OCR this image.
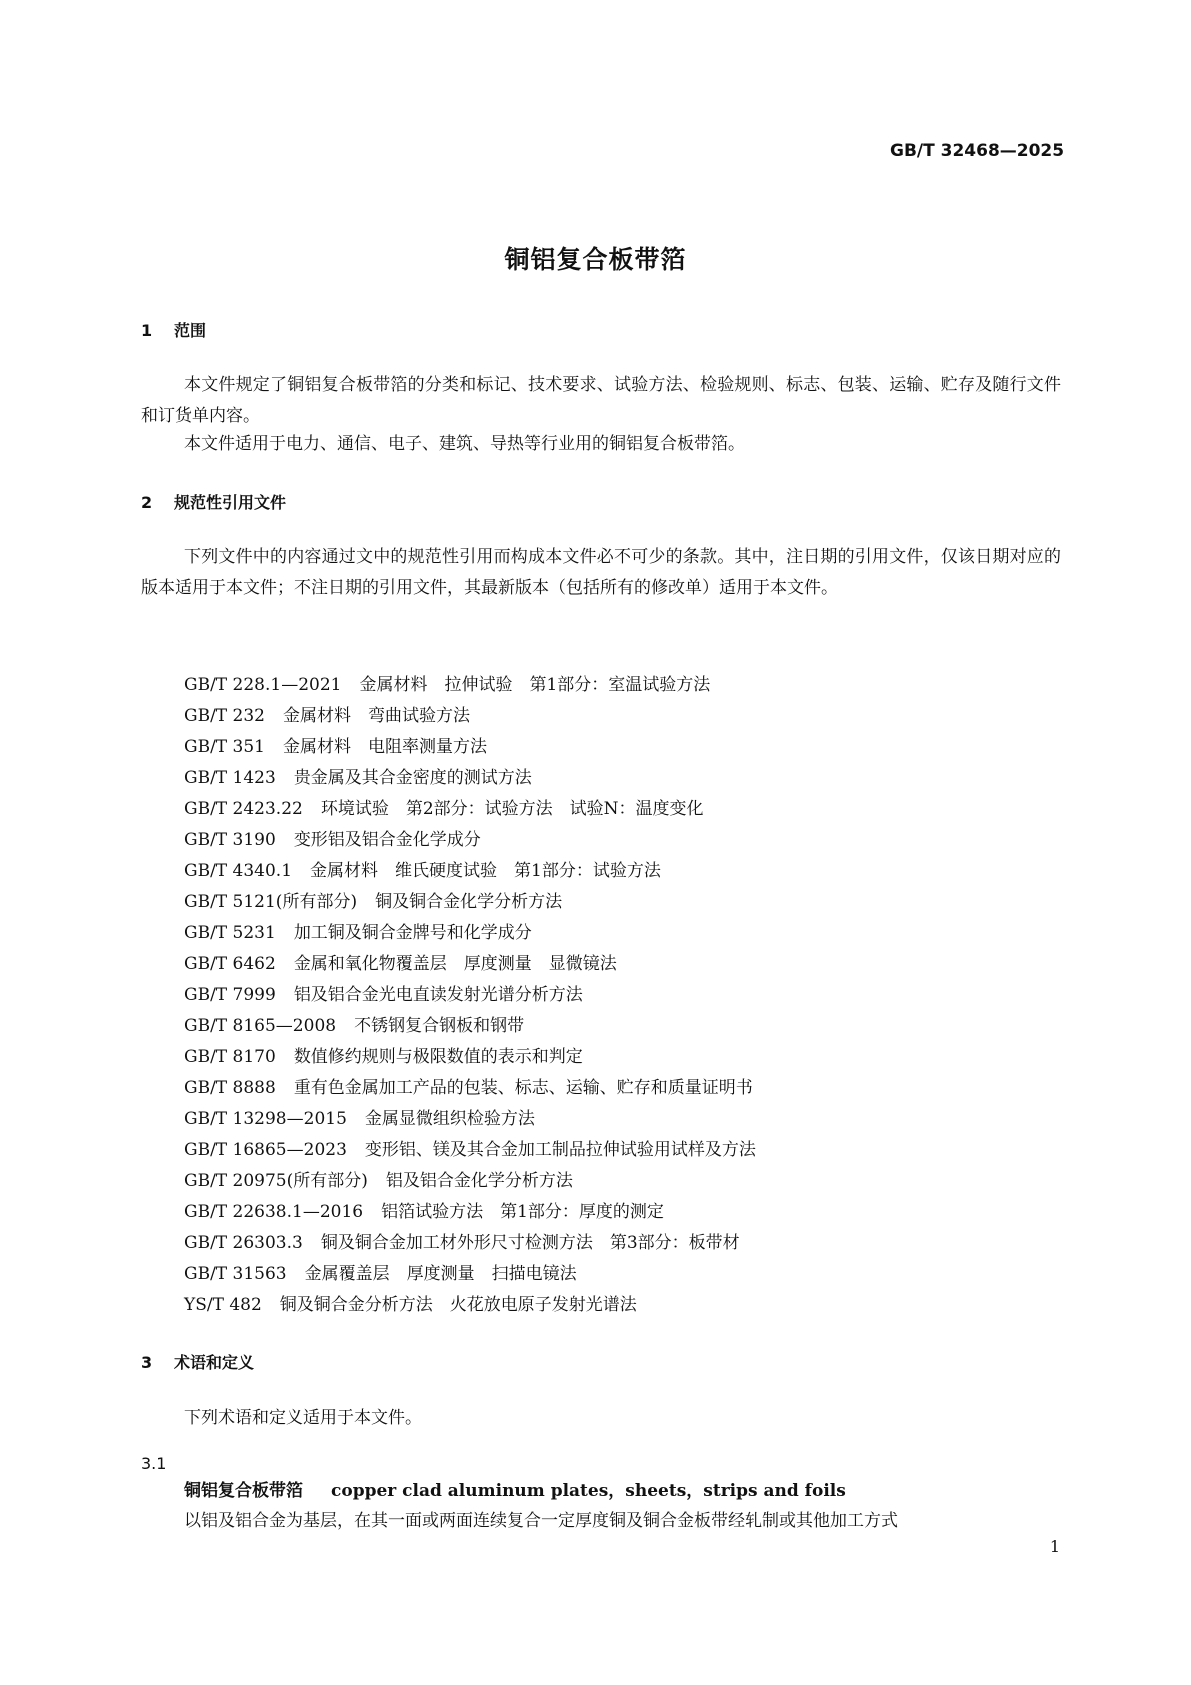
GB/T 32468—2025
铜铝复合板带箔
1 范围

本文件规定了铜铝复合板带箔的分类和标记、技术要求、试验方法、检验规则、标志、包装、运输、贮存及随行文件和订货单内容。

本文件适用于电力、通信、电子、建筑、导热等行业用的铜铝复合板带箔。

2 规范性引用文件

下列文件中的内容通过文中的规范性引用而构成本文件必不可少的条款。其中，注日期的引用文件，仅该日期对应的版本适用于本文件；不注日期的引用文件，其最新版本（包括所有的修改单）适用于本文件。

GB/T 228.1—2021 金属材料　拉伸试验　第1部分：室温试验方法
GB/T 232 金属材料　弯曲试验方法
GB/T 351 金属材料　电阻率测量方法
GB/T 1423 贵金属及其合金密度的测试方法
GB/T 2423.22 环境试验　第2部分：试验方法　试验N：温度变化
GB/T 3190 变形铝及铝合金化学成分
GB/T 4340.1 金属材料　维氏硬度试验　第1部分：试验方法
GB/T 5121(所有部分) 铜及铜合金化学分析方法
GB/T 5231 加工铜及铜合金牌号和化学成分
GB/T 6462 金属和氧化物覆盖层　厚度测量　显微镜法
GB/T 7999 铝及铝合金光电直读发射光谱分析方法
GB/T 8165—2008 不锈钢复合钢板和钢带
GB/T 8170 数值修约规则与极限数值的表示和判定
GB/T 8888 重有色金属加工产品的包装、标志、运输、贮存和质量证明书
GB/T 13298—2015 金属显微组织检验方法
GB/T 16865—2023 变形铝、镁及其合金加工制品拉伸试验用试样及方法
GB/T 20975(所有部分) 铝及铝合金化学分析方法
GB/T 22638.1—2016 铝箔试验方法　第1部分：厚度的测定
GB/T 26303.3 铜及铜合金加工材外形尺寸检测方法　第3部分：板带材
GB/T 31563 金属覆盖层　厚度测量　扫描电镜法
YS/T 482 铜及铜合金分析方法　火花放电原子发射光谱法
3 术语和定义

下列术语和定义适用于本文件。

3.1
铜铝复合板带箔 copper clad aluminum plates，sheets，strips and foils

以铝及铝合金为基层，在其一面或两面连续复合一定厚度铜及铜合金板带经轧制或其他加工方式

1
